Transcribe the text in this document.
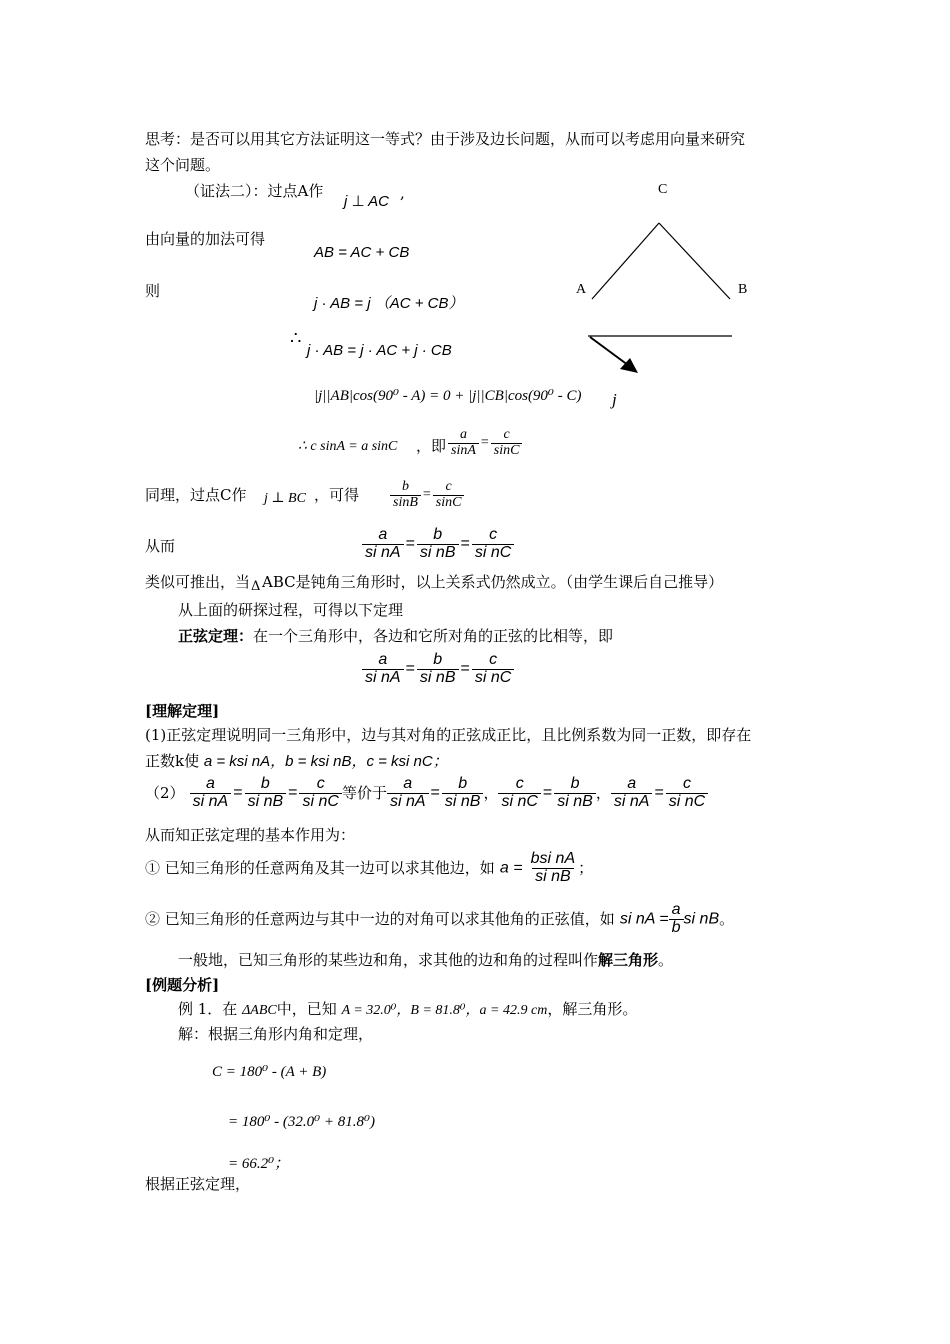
思考：是否可以用其它方法证明这一等式？由于涉及边长问题，从而可以考虑用向量来研究
这个问题。
（证法二）：过点A作
j ⊥ AC ,
由向量的加法可得
AB = AC + CB
则
j · AB = j （AC + CB）
∴
j · AB = j · AC + j · CB
|j||AB|cos(90⁰ - A) = 0 + |j||CB|cos(90⁰ - C) j
∴ c sinA = a sinC ，即 $\frac{a}{\sin A} = \frac{c}{\sin C}$
C
A	B
同理，过点C作 j ⊥ BC ，可得 $\frac{b}{\sin B} = \frac{c}{\sin C}$
从而	$\frac{a}{\text{si nA}} = \frac{b}{\text{si nB}} = \frac{c}{\text{si nC}}$
类似可推出，当 Δ ABC是钝角三角形时，以上关系式仍然成立。（由学生课后自己推导）
从上面的研探过程，可得以下定理
正弦定理：在一个三角形中，各边和它所对角的正弦的比相等，即
$\frac{a}{\text{si nA}} = \frac{b}{\text{si nB}} = \frac{c}{\text{si nC}}$
[理解定理]
(1)正弦定理说明同一三角形中，边与其对角的正弦成正比，且比例系数为同一正数，即存在
正数k使 a = ksi nA，b = ksi nB，c = ksi nC；
$(2) \frac{a}{\text{si nA}} = \frac{b}{\text{si nB}} = \frac{c}{\text{si nC}}$ 等价于 $\frac{a}{\text{si nA}} = \frac{b}{\text{si nB}}$ ， $\frac{c}{\text{si nC}} = \frac{b}{\text{si nB}}$ ， $\frac{a}{\text{si nA}} = \frac{c}{\text{si nC}}$
从而知正弦定理的基本作用为：
① 已知三角形的任意两角及其一边可以求其他边，如 $a = \frac{\text{bsi nA}}{\text{si nB}}$ ；
② 已知三角形的任意两边与其中一边的对角可以求其他角的正弦值，如 si nA = $\frac{a}{b}$ si nB。
一般地，已知三角形的某些边和角，求其他的边和角的过程叫作解三角形。
[例题分析]
例 1．在 ΔABC中，已知 A = 32.0⁰，B = 81.8⁰，a = 42.9 cm，解三角形。
解：根据三角形内角和定理，
C = 180⁰ - (A + B)
= 180⁰ - (32.0⁰ + 81.8⁰)
= 66.2⁰；
根据正弦定理，
